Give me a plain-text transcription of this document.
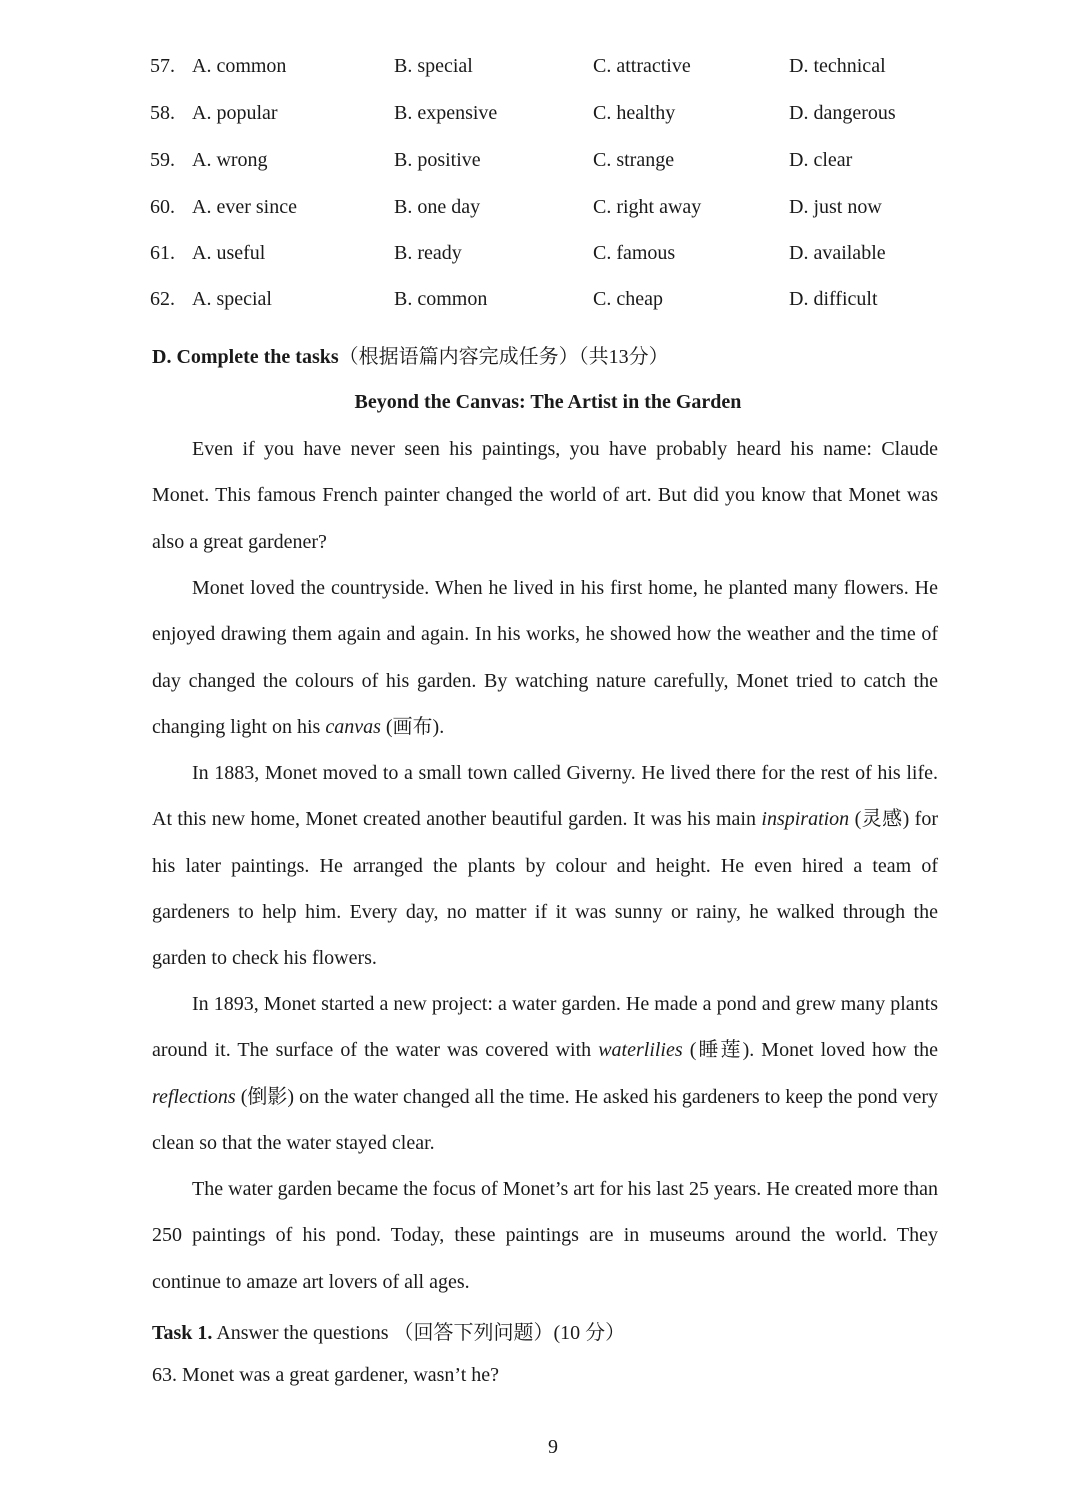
57. A. common	B. special	C. attractive	D. technical
58. A. popular	B. expensive	C. healthy	D. dangerous
59. A. wrong	B. positive	C. strange	D. clear
60. A. ever since	B. one day	C. right away	D. just now
61. A. useful	B. ready	C. famous	D. available
62. A. special	B. common	C. cheap	D. difficult
D. Complete the tasks（根据语篇内容完成任务）（共13分）
Beyond the Canvas: The Artist in the Garden

Even if you have never seen his paintings, you have probably heard his name: Claude Monet. This famous French painter changed the world of art. But did you know that Monet was also a great gardener?

Monet loved the countryside. When he lived in his first home, he planted many flowers. He enjoyed drawing them again and again. In his works, he showed how the weather and the time of day changed the colours of his garden. By watching nature carefully, Monet tried to catch the changing light on his canvas (画布).

In 1883, Monet moved to a small town called Giverny. He lived there for the rest of his life. At this new home, Monet created another beautiful garden. It was his main inspiration (灵感) for his later paintings. He arranged the plants by colour and height. He even hired a team of gardeners to help him. Every day, no matter if it was sunny or rainy, he walked through the garden to check his flowers.

In 1893, Monet started a new project: a water garden. He made a pond and grew many plants around it. The surface of the water was covered with waterlilies (睡莲). Monet loved how the reflections (倒影) on the water changed all the time. He asked his gardeners to keep the pond very clean so that the water stayed clear.

The water garden became the focus of Monet’s art for his last 25 years. He created more than 250 paintings of his pond. Today, these paintings are in museums around the world. They continue to amaze art lovers of all ages.

Task 1. Answer the questions （回答下列问题）(10 分）
63. Monet was a great gardener, wasn’t he?
9
